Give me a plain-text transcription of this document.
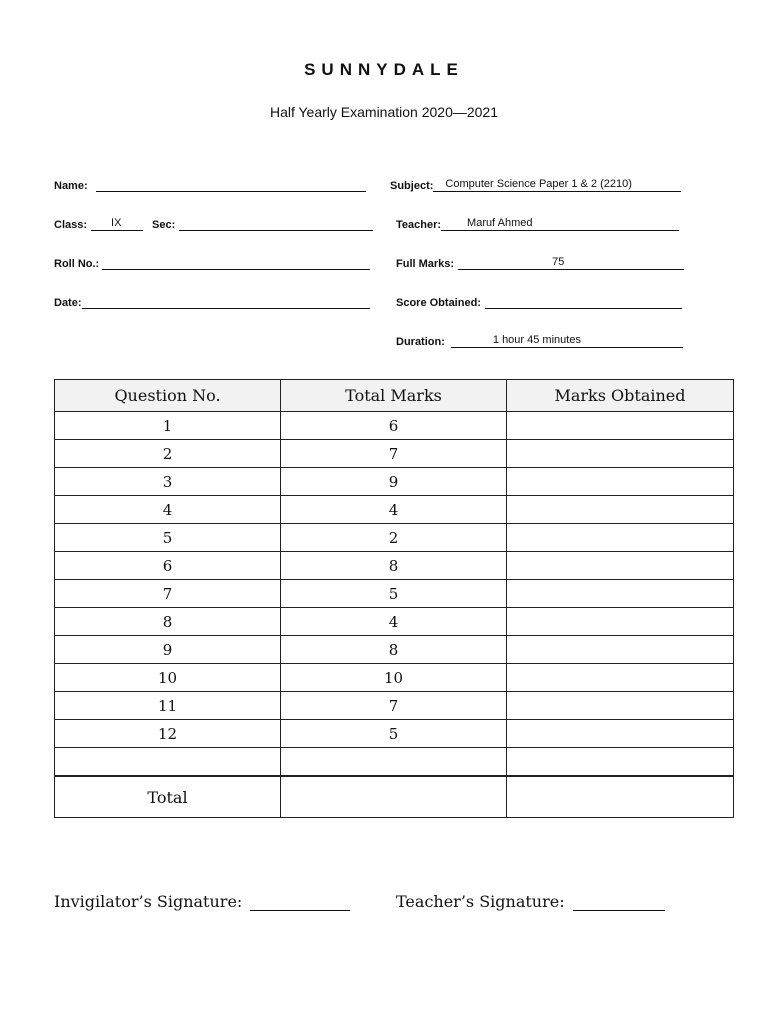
SUNNYDALE
Half Yearly Examination 2020—2021
Name:
Class: IX	Sec:
Roll No.:
Date:
Subject: Computer Science Paper 1 & 2 (2210)
Teacher: Maruf Ahmed
Full Marks:	75
Score Obtained:
Duration:	1 hour 45 minutes
Question No.	Total Marks	Marks Obtained
1	6	
2	7	
3	9	
4	4	
5	2	
6	8	
7	5	
8	4	
9	8	
10	10	
11	7	
12	5	

Total		
Invigilator’s Signature:	Teacher’s Signature:
